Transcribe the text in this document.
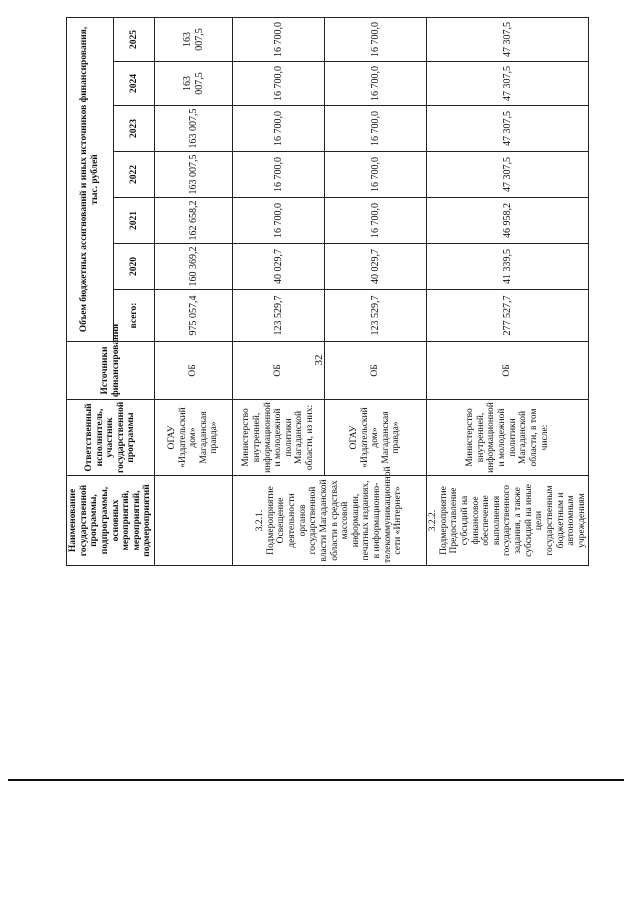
32
Наименование государственной программы, подпрограммы, основных мероприятий, мероприятий, подмероприятий	Ответственный исполнитель, участник государственной программы	Источники финансирования	Объем бюджетных ассигнований и иных источников финансирования, тыс. рублей						
			всего:	2020	2021	2022	2023	2024	2025
	ОГАУ «Издательский дом» Магаданская правда»	ОБ	975 057,4	160 369,2	162 658,2	163 007,5	163 007,5	163 007,5	163 007,5
3.2.1. Подмероприятие Освещение деятельности органов государственной власти Магаданской области в средствах массовой информации, печатных изданиях, в информационно-телекоммуникационной сети «Интернет»	Министерство внутренней, информационной и молодежной политики Магаданской области, из них:	ОБ	123 529,7	40 029,7	16 700,0	16 700,0	16 700,0	16 700,0	16 700,0
	ОГАУ «Издательский дом» Магаданская правда»	ОБ	123 529,7	40 029,7	16 700,0	16 700,0	16 700,0	16 700,0	16 700,0
3.2.2. Подмероприятие Предоставление субсидий на финансовое обеспечение выполнения государственного задания, а также субсидий на иные цели государственным бюджетным и автономным учреждениям	Министерство внутренней, информационной и молодежной политики Магаданской области, в том числе:	ОБ	277 527,7	41 339,5	46 958,2	47 307,5	47 307,5	47 307,5	47 307,5
